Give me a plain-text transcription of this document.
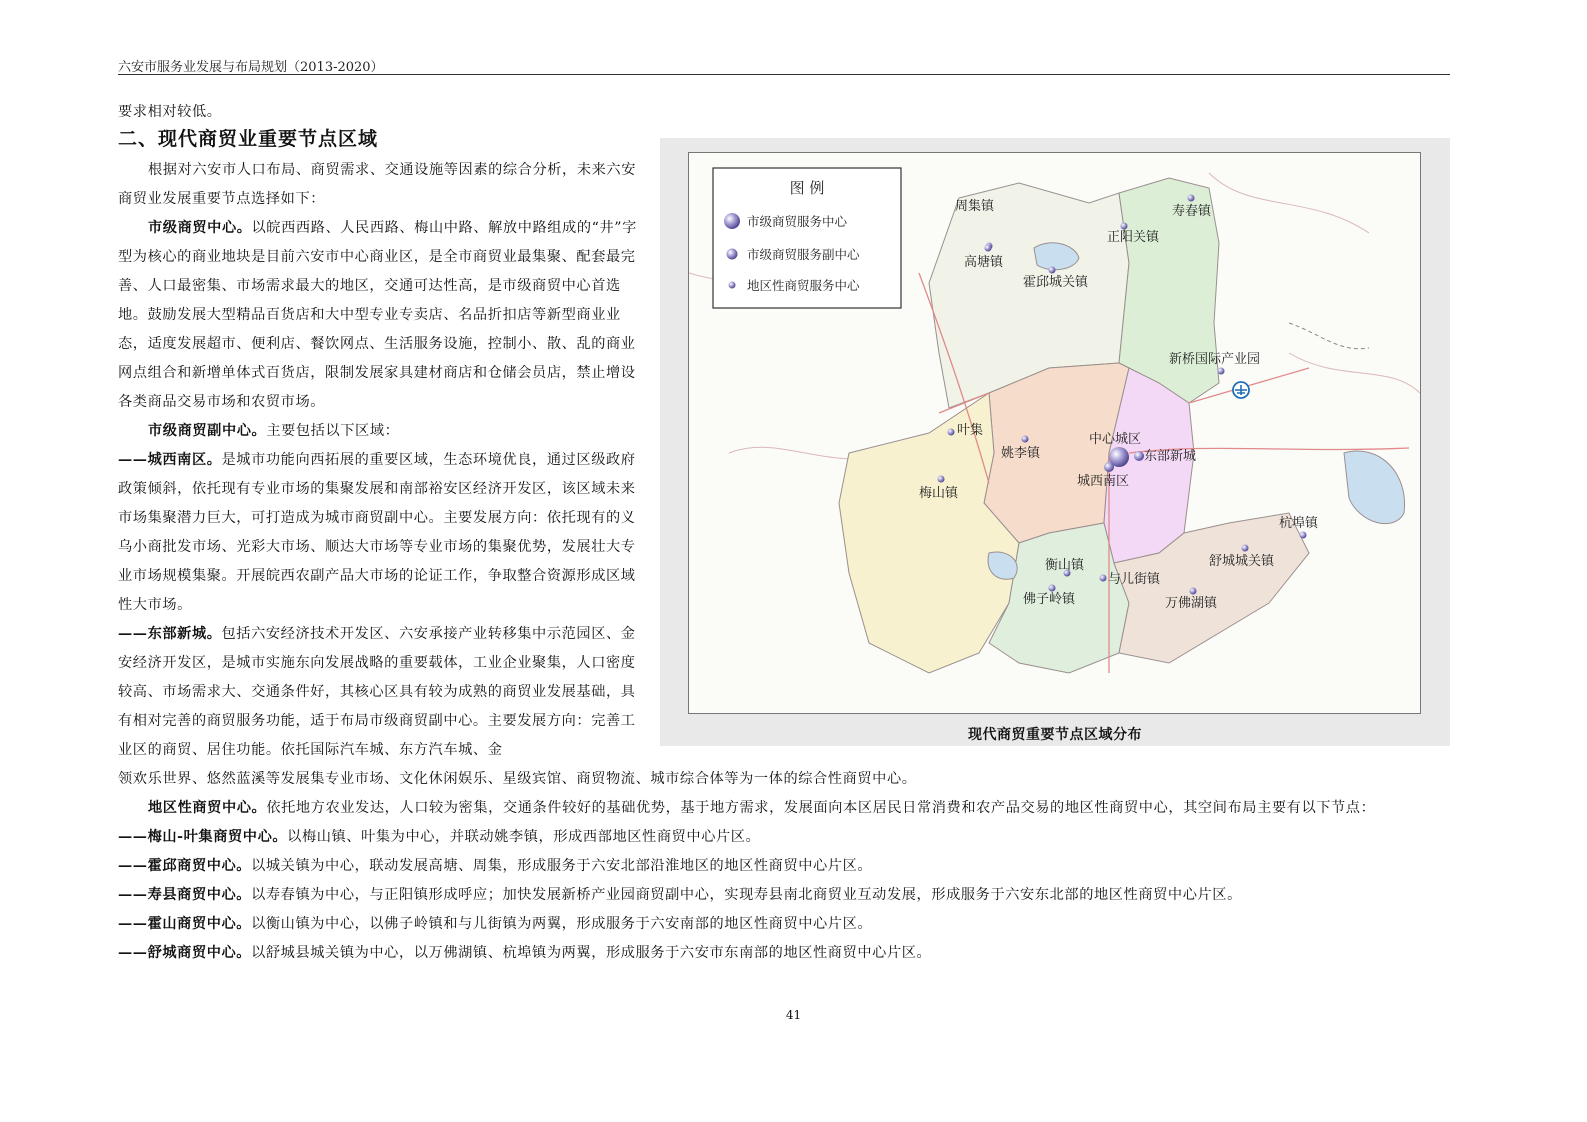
六安市服务业发展与布局规划（2013-2020）

要求相对较低。

二、现代商贸业重要节点区域

根据对六安市人口布局、商贸需求、交通设施等因素的综合分析，未来六安商贸业发展重要节点选择如下：

市级商贸中心。以皖西西路、人民西路、梅山中路、解放中路组成的“井”字型为核心的商业地块是目前六安市中心商业区，是全市商贸业最集聚、配套最完善、人口最密集、市场需求最大的地区，交通可达性高，是市级商贸中心首选地。鼓励发展大型精品百货店和大中型专业专卖店、名品折扣店等新型商业业态，适度发展超市、便利店、餐饮网点、生活服务设施，控制小、散、乱的商业网点组合和新增单体式百货店，限制发展家具建材商店和仓储会员店，禁止增设各类商品交易市场和农贸市场。

市级商贸副中心。主要包括以下区域：

——城西南区。是城市功能向西拓展的重要区域，生态环境优良，通过区级政府政策倾斜，依托现有专业市场的集聚发展和南部裕安区经济开发区，该区域未来市场集聚潜力巨大，可打造成为城市商贸副中心。主要发展方向：依托现有的义乌小商批发市场、光彩大市场、顺达大市场等专业市场的集聚优势，发展壮大专业市场规模集聚。开展皖西农副产品大市场的论证工作，争取整合资源形成区域性大市场。

——东部新城。包括六安经济技术开发区、六安承接产业转移集中示范园区、金安经济开发区，是城市实施东向发展战略的重要载体，工业企业聚集，人口密度较高、市场需求大、交通条件好，其核心区具有较为成熟的商贸业发展基础，具有相对完善的商贸服务功能，适于布局市级商贸副中心。主要发展方向：完善工业区的商贸、居住功能。依托国际汽车城、东方汽车城、金

领欢乐世界、悠然蓝溪等发展集专业市场、文化休闲娱乐、星级宾馆、商贸物流、城市综合体等为一体的综合性商贸中心。

地区性商贸中心。依托地方农业发达，人口较为密集，交通条件较好的基础优势，基于地方需求，发展面向本区居民日常消费和农产品交易的地区性商贸中心，其空间布局主要有以下节点：

——梅山-叶集商贸中心。以梅山镇、叶集为中心，并联动姚李镇，形成西部地区性商贸中心片区。

——霍邱商贸中心。以城关镇为中心，联动发展高塘、周集，形成服务于六安北部沿淮地区的地区性商贸中心片区。

——寿县商贸中心。以寿春镇为中心，与正阳镇形成呼应；加快发展新桥产业园商贸副中心，实现寿县南北商贸业互动发展，形成服务于六安东北部的地区性商贸中心片区。

——霍山商贸中心。以衡山镇为中心，以佛子岭镇和与儿街镇为两翼，形成服务于六安南部的地区性商贸中心片区。

——舒城商贸中心。以舒城县城关镇为中心，以万佛湖镇、杭埠镇为两翼，形成服务于六安市东南部的地区性商贸中心片区。

图 例
市级商贸服务中心
市级商贸服务副中心
地区性商贸服务中心
周集镇	寿春镇
正阳关镇
高塘镇
霍邱城关镇
新桥国际产业园
叶集
姚李镇
中心城区
东部新城
城西南区
梅山镇
杭埠镇
舒城城关镇
衡山镇
与儿街镇
佛子岭镇	万佛湖镇
现代商贸重要节点区域分布
41
